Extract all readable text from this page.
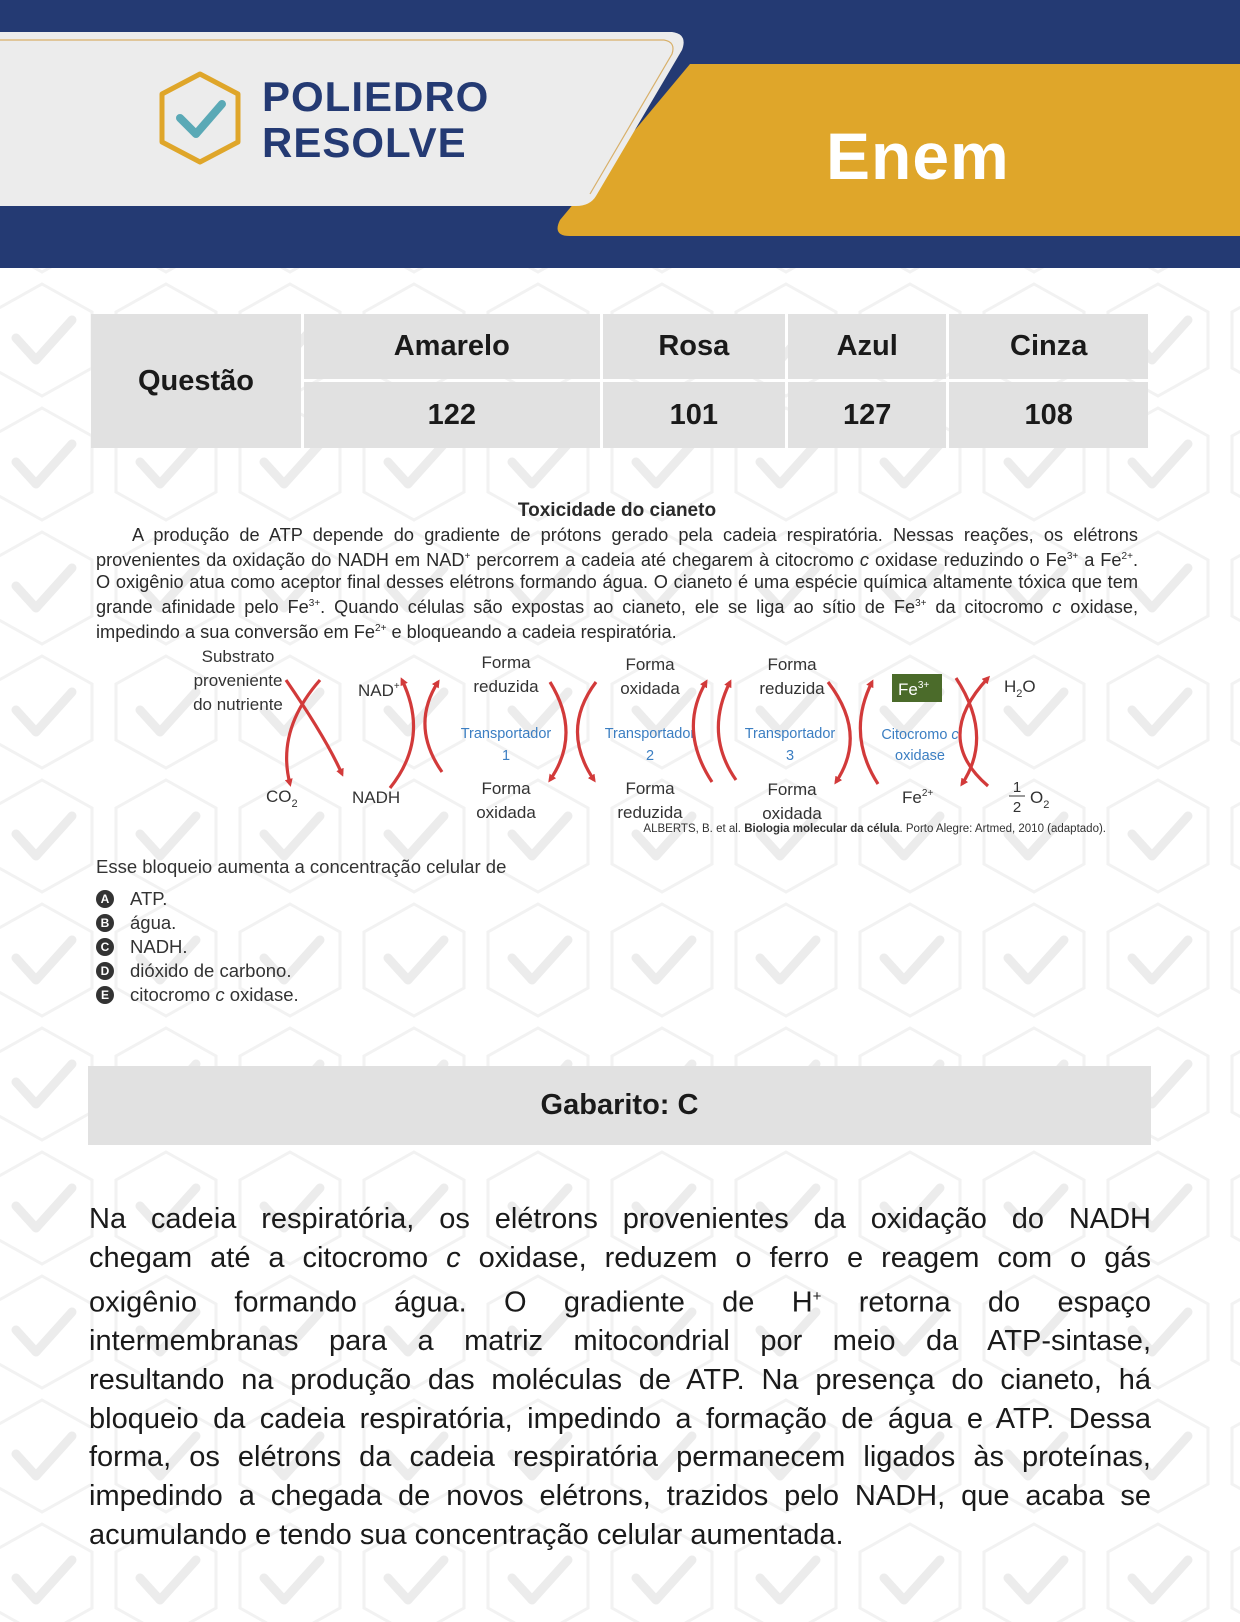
POLIEDRO
RESOLVE	Enem
Questão	Amarelo	Rosa	Azul	Cinza
	122	101	127	108
Toxicidade do cianeto
A produção de ATP depende do gradiente de prótons gerado pela cadeia respiratória. Nessas reações, os elétrons provenientes da oxidação do NADH em NAD+ percorrem a cadeia até chegarem à citocromo c oxidase reduzindo o $Fe^{3+}$ a $Fe^{2+}$. O oxigênio atua como aceptor final desses elétrons formando água. O cianeto é uma espécie química altamente tóxica que tem grande afinidade pelo $Fe^{3+}$. Quando células são expostas ao cianeto, ele se liga ao sítio de $Fe^{3+}$ da citocromo c oxidase, impedindo a sua conversão em $Fe^{2+}$ e bloqueando a cadeia respiratória.
Substrato
proveniente
do nutriente
$CO_2$
NAD+
NADH
Forma
reduzida
Forma
oxidada
Forma
oxidada
Forma
reduzida
Forma
reduzida
Forma
oxidada
$Fe^{2+}$
$H_2O$
1
2
$O_2$
Transportador
1
Transportador
2
Transportador
3
Citocromo c
oxidase
$Fe^{3+}$
ALBERTS, B. et al. Biologia molecular da célula. Porto Alegre: Artmed, 2010 (adaptado).
Esse bloqueio aumenta a concentração celular de
A ATP.
B água.
C NADH.
D dióxido de carbono.
E citocromo c oxidase.
Gabarito: C
Na cadeia respiratória, os elétrons provenientes da oxidação do NADH
chegam até a citocromo c oxidase, reduzem o ferro e reagem com o gás
oxigênio formando água. O gradiente de H+ retorna do espaço
intermembranas para a matriz mitocondrial por meio da ATP-sintase,
resultando na produção das moléculas de ATP. Na presença do cianeto, há
bloqueio da cadeia respiratória, impedindo a formação de água e ATP. Dessa
forma, os elétrons da cadeia respiratória permanecem ligados às proteínas,
impedindo a chegada de novos elétrons, trazidos pelo NADH, que acaba se
acumulando e tendo sua concentração celular aumentada.
